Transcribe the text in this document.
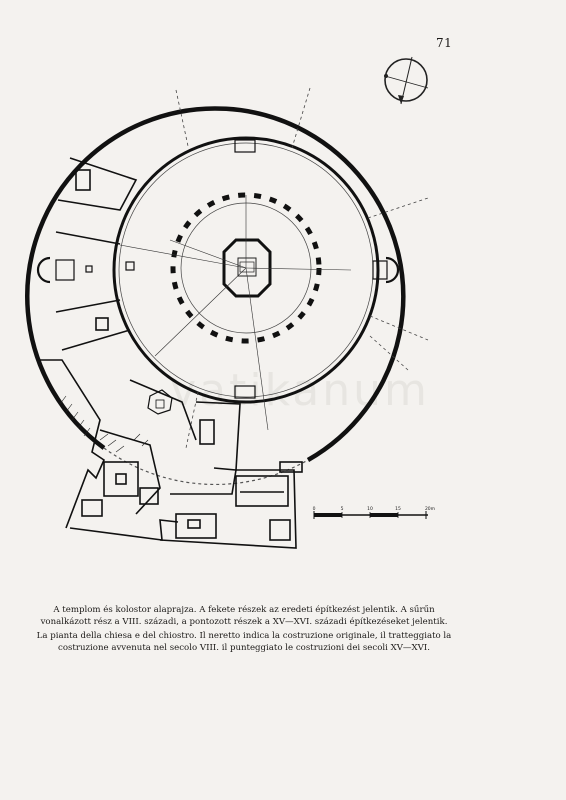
71
vatikanum
0	5	10	15	20m

A templom és kolostor alaprajza. A fekete részek az eredeti építkezést jelentik. A sűrűn vonalkázott rész a VIII. századi, a pontozott részek a XV—XVI. századi építkezéseket jelentik.

La pianta della chiesa e del chiostro. Il neretto indica la costruzione originale, il tratteggiato la costruzione avvenuta nel secolo VIII. il punteggiato le costruzioni dei secoli XV—XVI.
